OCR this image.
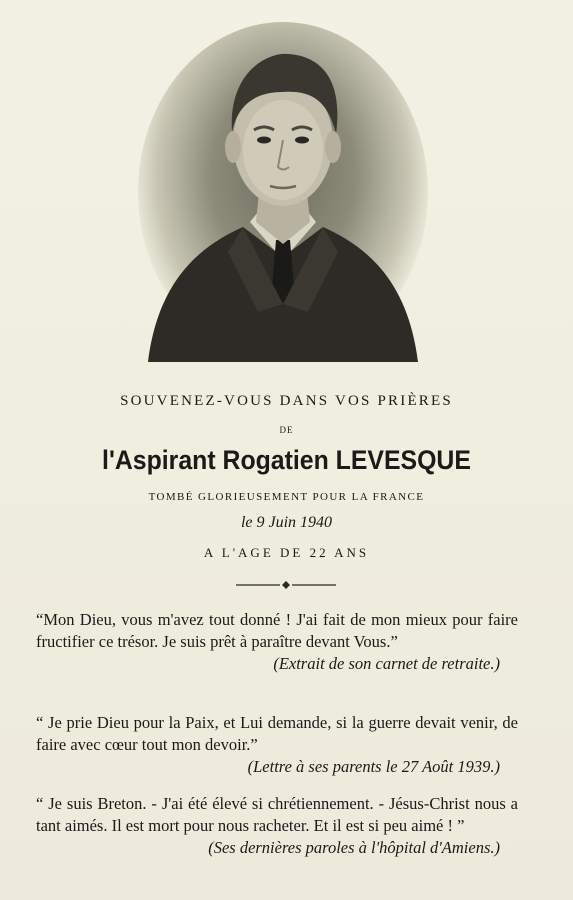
SOUVENEZ-VOUS DANS VOS PRIÈRES
DE
l'Aspirant Rogatien LEVESQUE
TOMBÉ GLORIEUSEMENT POUR LA FRANCE
le 9 Juin 1940
A L'AGE DE 22 ANS
“Mon Dieu, vous m'avez tout donné ! J'ai fait de mon mieux pour faire fructifier ce trésor. Je suis prêt à paraître devant Vous.”
(Extrait de son carnet de retraite.)
“ Je prie Dieu pour la Paix, et Lui demande, si la guerre devait venir, de faire avec cœur tout mon devoir.”
(Lettre à ses parents le 27 Août 1939.)
“ Je suis Breton. - J'ai été élevé si chrétiennement. - Jésus-Christ nous a tant aimés. Il est mort pour nous racheter. Et il est si peu aimé ! ”
(Ses dernières paroles à l'hôpital d'Amiens.)
